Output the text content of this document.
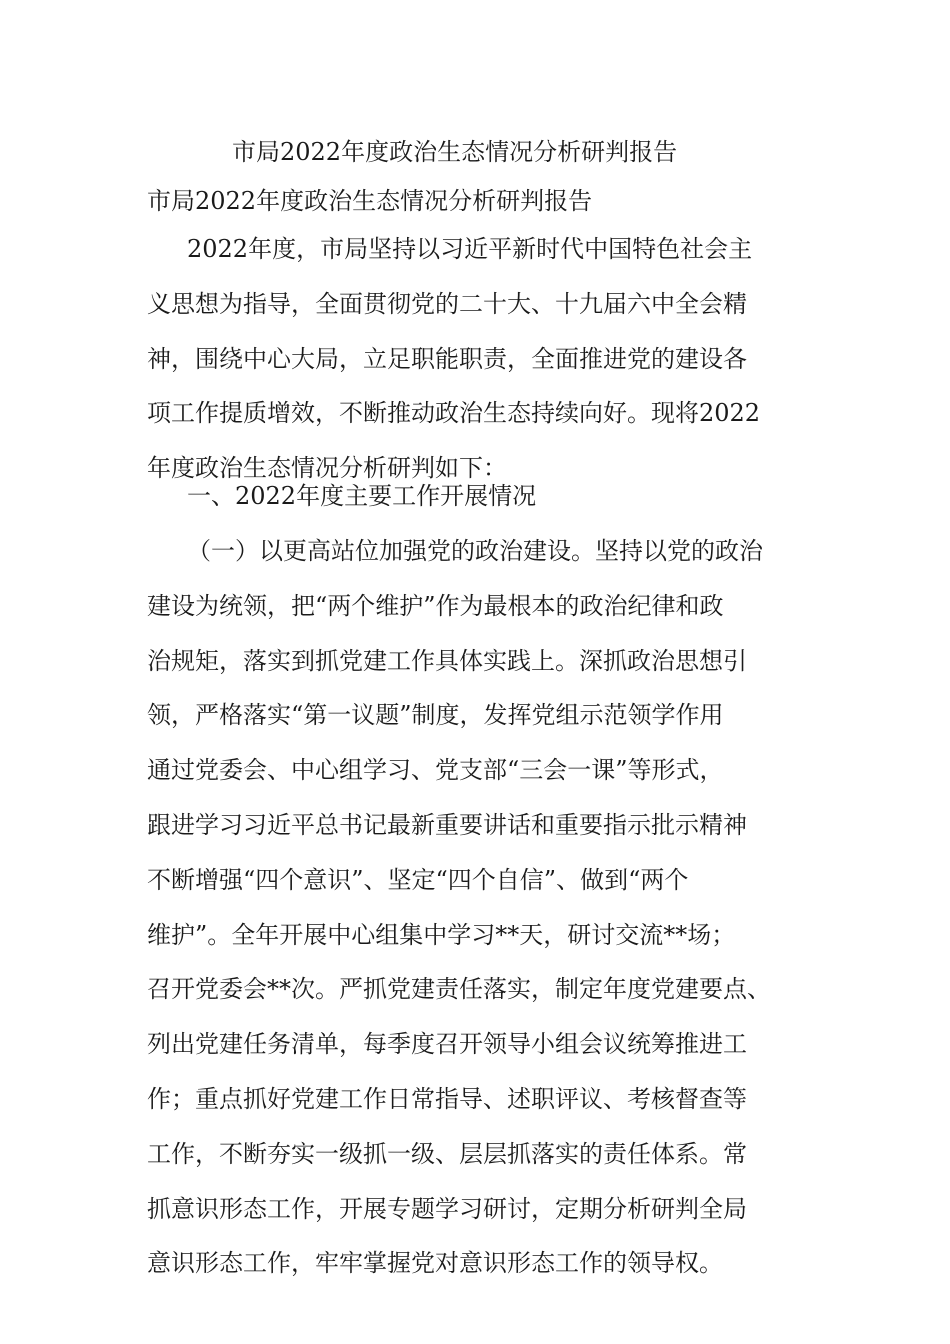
市局2022年度政治生态情况分析研判报告
市局2022年度政治生态情况分析研判报告
2022年度，市局坚持以习近平新时代中国特色社会主
义思想为指导，全面贯彻党的二十大、十九届六中全会精
神，围绕中心大局，立足职能职责，全面推进党的建设各
项工作提质增效，不断推动政治生态持续向好。现将2022
年度政治生态情况分析研判如下：
一、2022年度主要工作开展情况
（一）以更高站位加强党的政治建设。坚持以党的政治
建设为统领，把“两个维护”作为最根本的政治纪律和政
治规矩，落实到抓党建工作具体实践上。深抓政治思想引
领，严格落实“第一议题”制度，发挥党组示范领学作用
通过党委会、中心组学习、党支部“三会一课”等形式，
跟进学习习近平总书记最新重要讲话和重要指示批示精神
不断增强“四个意识”、坚定“四个自信”、做到“两个
维护”。全年开展中心组集中学习**天，研讨交流**场；
召开党委会**次。严抓党建责任落实，制定年度党建要点、
列出党建任务清单，每季度召开领导小组会议统筹推进工
作；重点抓好党建工作日常指导、述职评议、考核督查等
工作，不断夯实一级抓一级、层层抓落实的责任体系。常
抓意识形态工作，开展专题学习研讨，定期分析研判全局
意识形态工作，牢牢掌握党对意识形态工作的领导权。
